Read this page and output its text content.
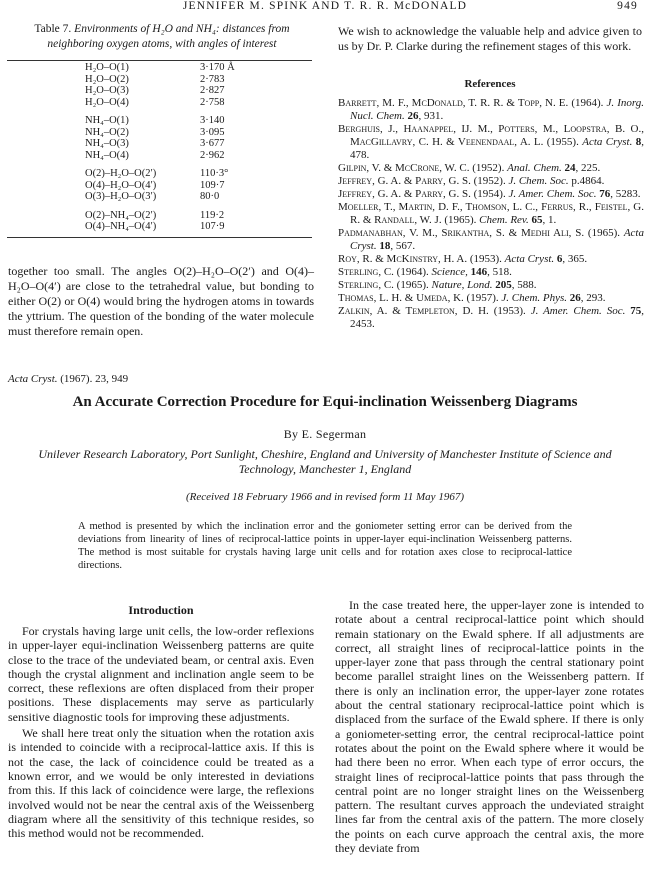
JENNIFER M. SPINK AND T. R. R. McDONALD	949
Table 7. Environments of H₂O and NH₄: distances from neighboring oxygen atoms, with angles of interest
H₂O–O(1)	3·170 Å
H₂O–O(2)	2·783
H₂O–O(3)	2·827
H₂O–O(4)	2·758
NH₄–O(1)	3·140
NH₄–O(2)	3·095
NH₄–O(3)	3·677
NH₄–O(4)	2·962
O(2)–H₂O–O(2′)	110·3°
O(4)–H₂O–O(4′)	109·7
O(3)–H₂O–O(3′)	80·0
O(2)–NH₄–O(2′)	119·2
O(4)–NH₄–O(4′)	107·9
together too small. The angles O(2)–H₂O–O(2′) and O(4)–H₂O–O(4′) are close to the tetrahedral value, but bonding to either O(2) or O(4) would bring the hydrogen atoms in towards the yttrium. The question of the bonding of the water molecule must therefore remain open.
We wish to acknowledge the valuable help and advice given to us by Dr. P. Clarke during the refinement stages of this work.
References
Barrett, M. F., McDonald, T. R. R. & Topp, N. E. (1964). J. Inorg. Nucl. Chem. 26, 931.
Berghuis, J., Haanappel, IJ. M., Potters, M., Loopstra, B. O., MacGillavry, C. H. & Veenendaal, A. L. (1955). Acta Cryst. 8, 478.
Gilpin, V. & McCrone, W. C. (1952). Anal. Chem. 24, 225.
Jeffrey, G. A. & Parry, G. S. (1952). J. Chem. Soc. p.4864.
Jeffrey, G. A. & Parry, G. S. (1954). J. Amer. Chem. Soc. 76, 5283.
Moeller, T., Martin, D. F., Thomson, L. C., Ferrus, R., Feistel, G. R. & Randall, W. J. (1965). Chem. Rev. 65, 1.
Padmanabhan, V. M., Srikantha, S. & Medhi Ali, S. (1965). Acta Cryst. 18, 567.
Roy, R. & McKinstry, H. A. (1953). Acta Cryst. 6, 365.
Sterling, C. (1964). Science, 146, 518.
Sterling, C. (1965). Nature, Lond. 205, 588.
Thomas, L. H. & Umeda, K. (1957). J. Chem. Phys. 26, 293.
Zalkin, A. & Templeton, D. H. (1953). J. Amer. Chem. Soc. 75, 2453.
Acta Cryst. (1967). 23, 949
An Accurate Correction Procedure for Equi-inclination Weissenberg Diagrams
By E. Segerman
Unilever Research Laboratory, Port Sunlight, Cheshire, England and University of Manchester Institute of Science and Technology, Manchester 1, England
(Received 18 February 1966 and in revised form 11 May 1967)
A method is presented by which the inclination error and the goniometer setting error can be derived from the deviations from linearity of lines of reciprocal-lattice points in upper-layer equi-inclination Weissenberg patterns. The method is most suitable for crystals having large unit cells and for rotation axes close to reciprocal-lattice directions.
Introduction

For crystals having large unit cells, the low-order reflexions in upper-layer equi-inclination Weissenberg patterns are quite close to the trace of the undeviated beam, or central axis. Even though the crystal alignment and inclination angle seem to be correct, these reflexions are often displaced from their proper positions. These displacements may serve as particularly sensitive diagnostic tools for improving these adjustments.

We shall here treat only the situation when the rotation axis is intended to coincide with a reciprocal-lattice axis. If this is not the case, the lack of coincidence could be treated as a known error, and we would be only interested in deviations from this. If this lack of coincidence were large, the reflexions involved would not be near the central axis of the Weissenberg diagram where all the sensitivity of this technique resides, so this method would not be recommended.

In the case treated here, the upper-layer zone is intended to rotate about a central reciprocal-lattice point which should remain stationary on the Ewald sphere. If all adjustments are correct, all straight lines of reciprocal-lattice points in the upper-layer zone that pass through the central stationary point become parallel straight lines on the Weissenberg pattern. If there is only an inclination error, the upper-layer zone rotates about the central stationary reciprocal-lattice point which is displaced from the surface of the Ewald sphere. If there is only a goniometer-setting error, the central reciprocal-lattice point rotates about the point on the Ewald sphere where it would be had there been no error. When each type of error occurs, the straight lines of reciprocal-lattice points that pass through the central point are no longer straight lines on the Weissenberg pattern. The resultant curves approach the undeviated straight lines far from the central axis of the pattern. The more closely the points on each curve approach the central axis, the more they deviate from
